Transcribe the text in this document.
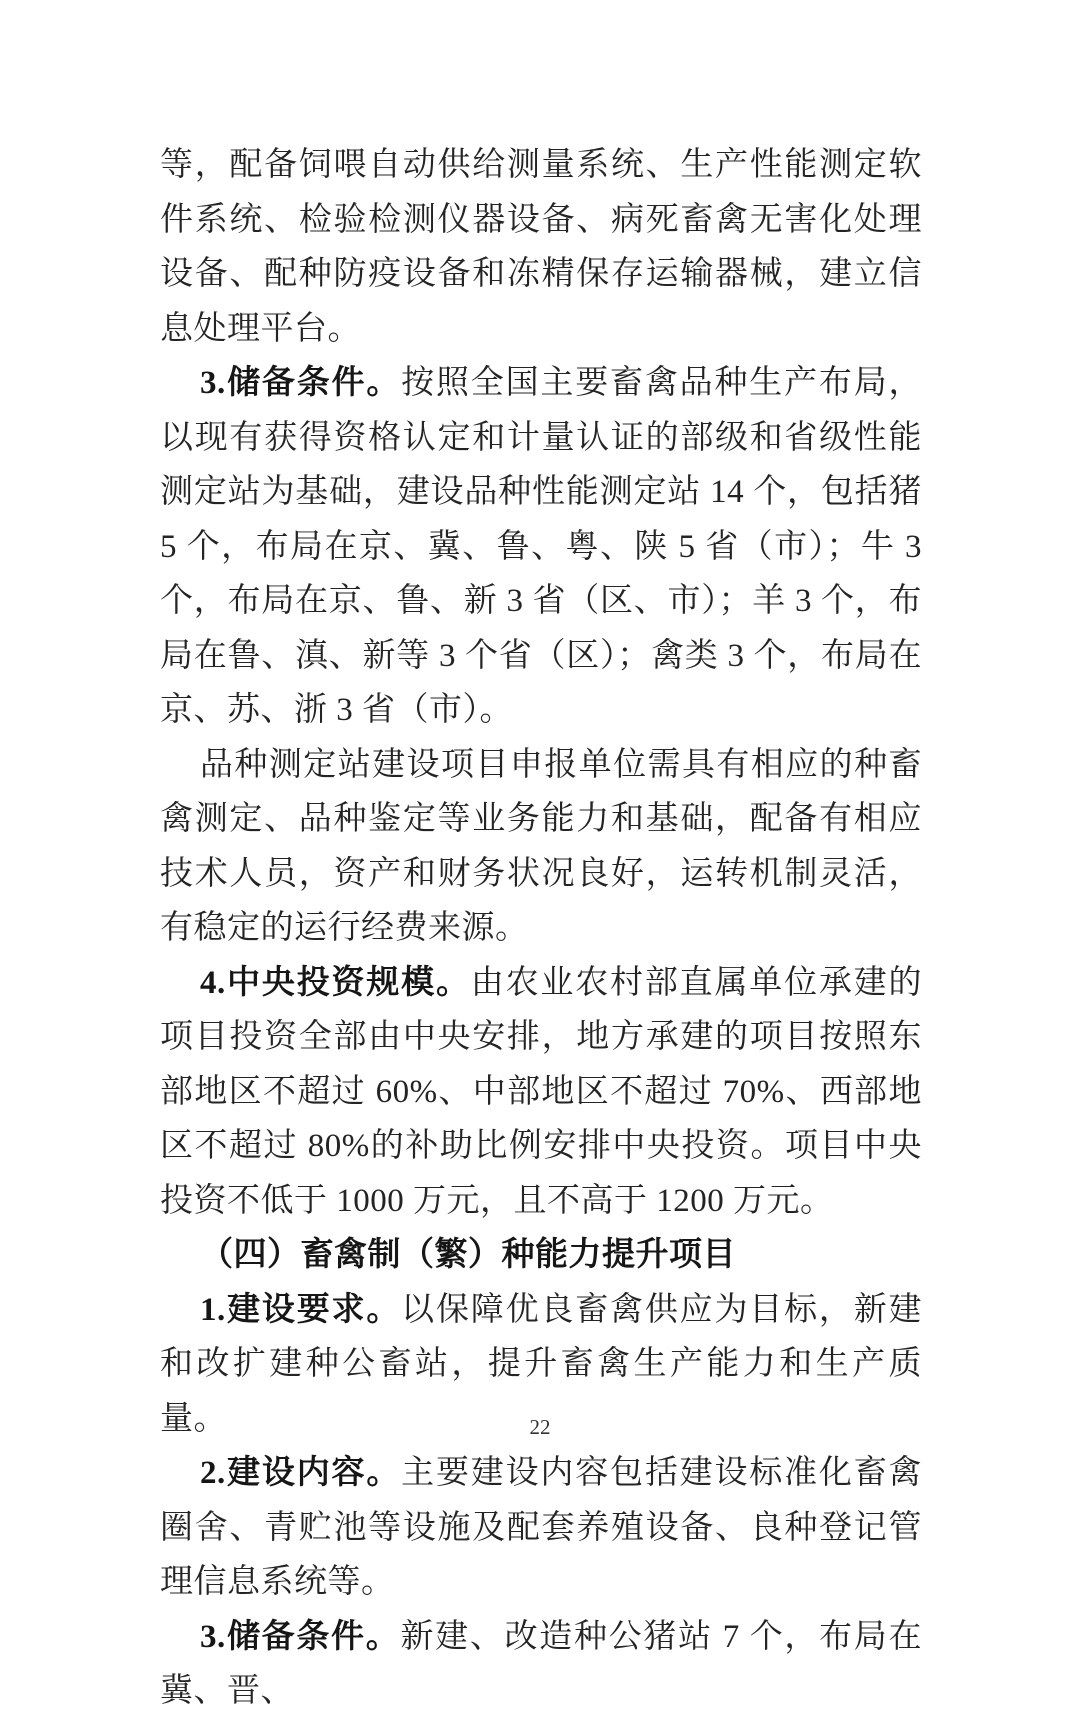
等，配备饲喂自动供给测量系统、生产性能测定软件系统、检验检测仪器设备、病死畜禽无害化处理设备、配种防疫设备和冻精保存运输器械，建立信息处理平台。

3.储备条件。按照全国主要畜禽品种生产布局，以现有获得资格认定和计量认证的部级和省级性能测定站为基础，建设品种性能测定站 14 个，包括猪 5 个，布局在京、冀、鲁、粤、陕 5 省（市）；牛 3 个，布局在京、鲁、新 3 省（区、市）；羊 3 个，布局在鲁、滇、新等 3 个省（区）；禽类 3 个，布局在京、苏、浙 3 省（市）。

品种测定站建设项目申报单位需具有相应的种畜禽测定、品种鉴定等业务能力和基础，配备有相应技术人员，资产和财务状况良好，运转机制灵活，有稳定的运行经费来源。

4.中央投资规模。由农业农村部直属单位承建的项目投资全部由中央安排，地方承建的项目按照东部地区不超过 60%、中部地区不超过 70%、西部地区不超过 80%的补助比例安排中央投资。项目中央投资不低于 1000 万元，且不高于 1200 万元。

（四）畜禽制（繁）种能力提升项目

1.建设要求。以保障优良畜禽供应为目标，新建和改扩建种公畜站，提升畜禽生产能力和生产质量。

2.建设内容。主要建设内容包括建设标准化畜禽圈舍、青贮池等设施及配套养殖设备、良种登记管理信息系统等。

3.储备条件。新建、改造种公猪站 7 个，布局在冀、晋、

22
